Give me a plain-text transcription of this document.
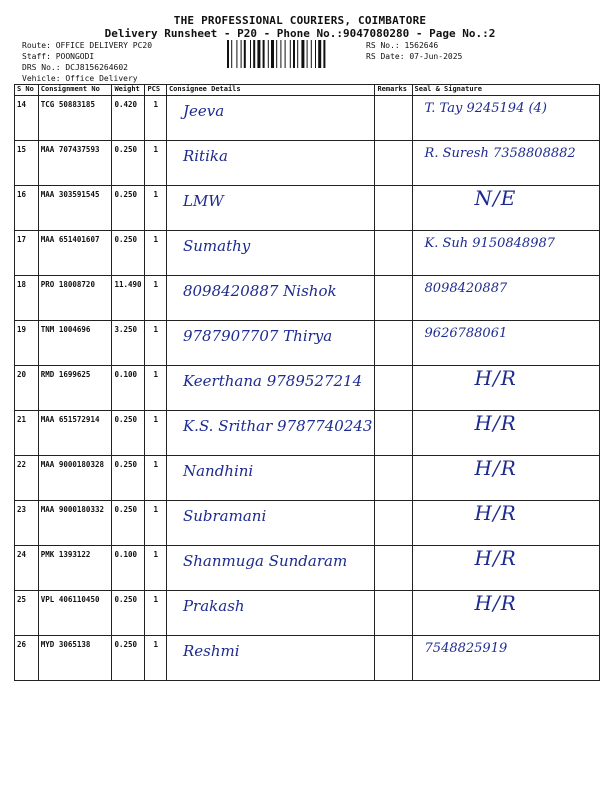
THE PROFESSIONAL COURIERS, COIMBATORE
Delivery Runsheet - P20 - Phone No.:9047080280 - Page No.:2
Route: OFFICE DELIVERY PC20
Staff: POONGODI
DRS No.: DCJ8156264602
Vehicle: Office Delivery
RS No.: 1562646
RS Date: 07-Jun-2025
S No	Consignment No	Weight	PCS	Consignee Details	Remarks	Seal & Signature
14	TCG 50883185	0.420	1	Jeeva		T. Tay 9245194 (4)

15	MAA 707437593	0.250	1	Ritika		R. Suresh 7358808882

16	MAA 303591545	0.250	1	LMW		N/E

17	MAA 651401607	0.250	1	Sumathy		K. Suh 9150848987

18	PRO 18008720	11.490	1	8098420887 Nishok		8098420887

19	TNM 1004696	3.250	1	9787907707 Thirya		9626788061

20	RMD 1699625	0.100	1	Keerthana 9789527214		H/R

21	MAA 651572914	0.250	1	K.S. Srithar 9787740243		H/R

22	MAA 9000180328	0.250	1	Nandhini		H/R

23	MAA 9000180332	0.250	1	Subramani		H/R

24	PMK 1393122	0.100	1	Shanmuga Sundaram		H/R

25	VPL 406110450	0.250	1	Prakash		H/R

26	MYD 3065138	0.250	1	Reshmi		7548825919
